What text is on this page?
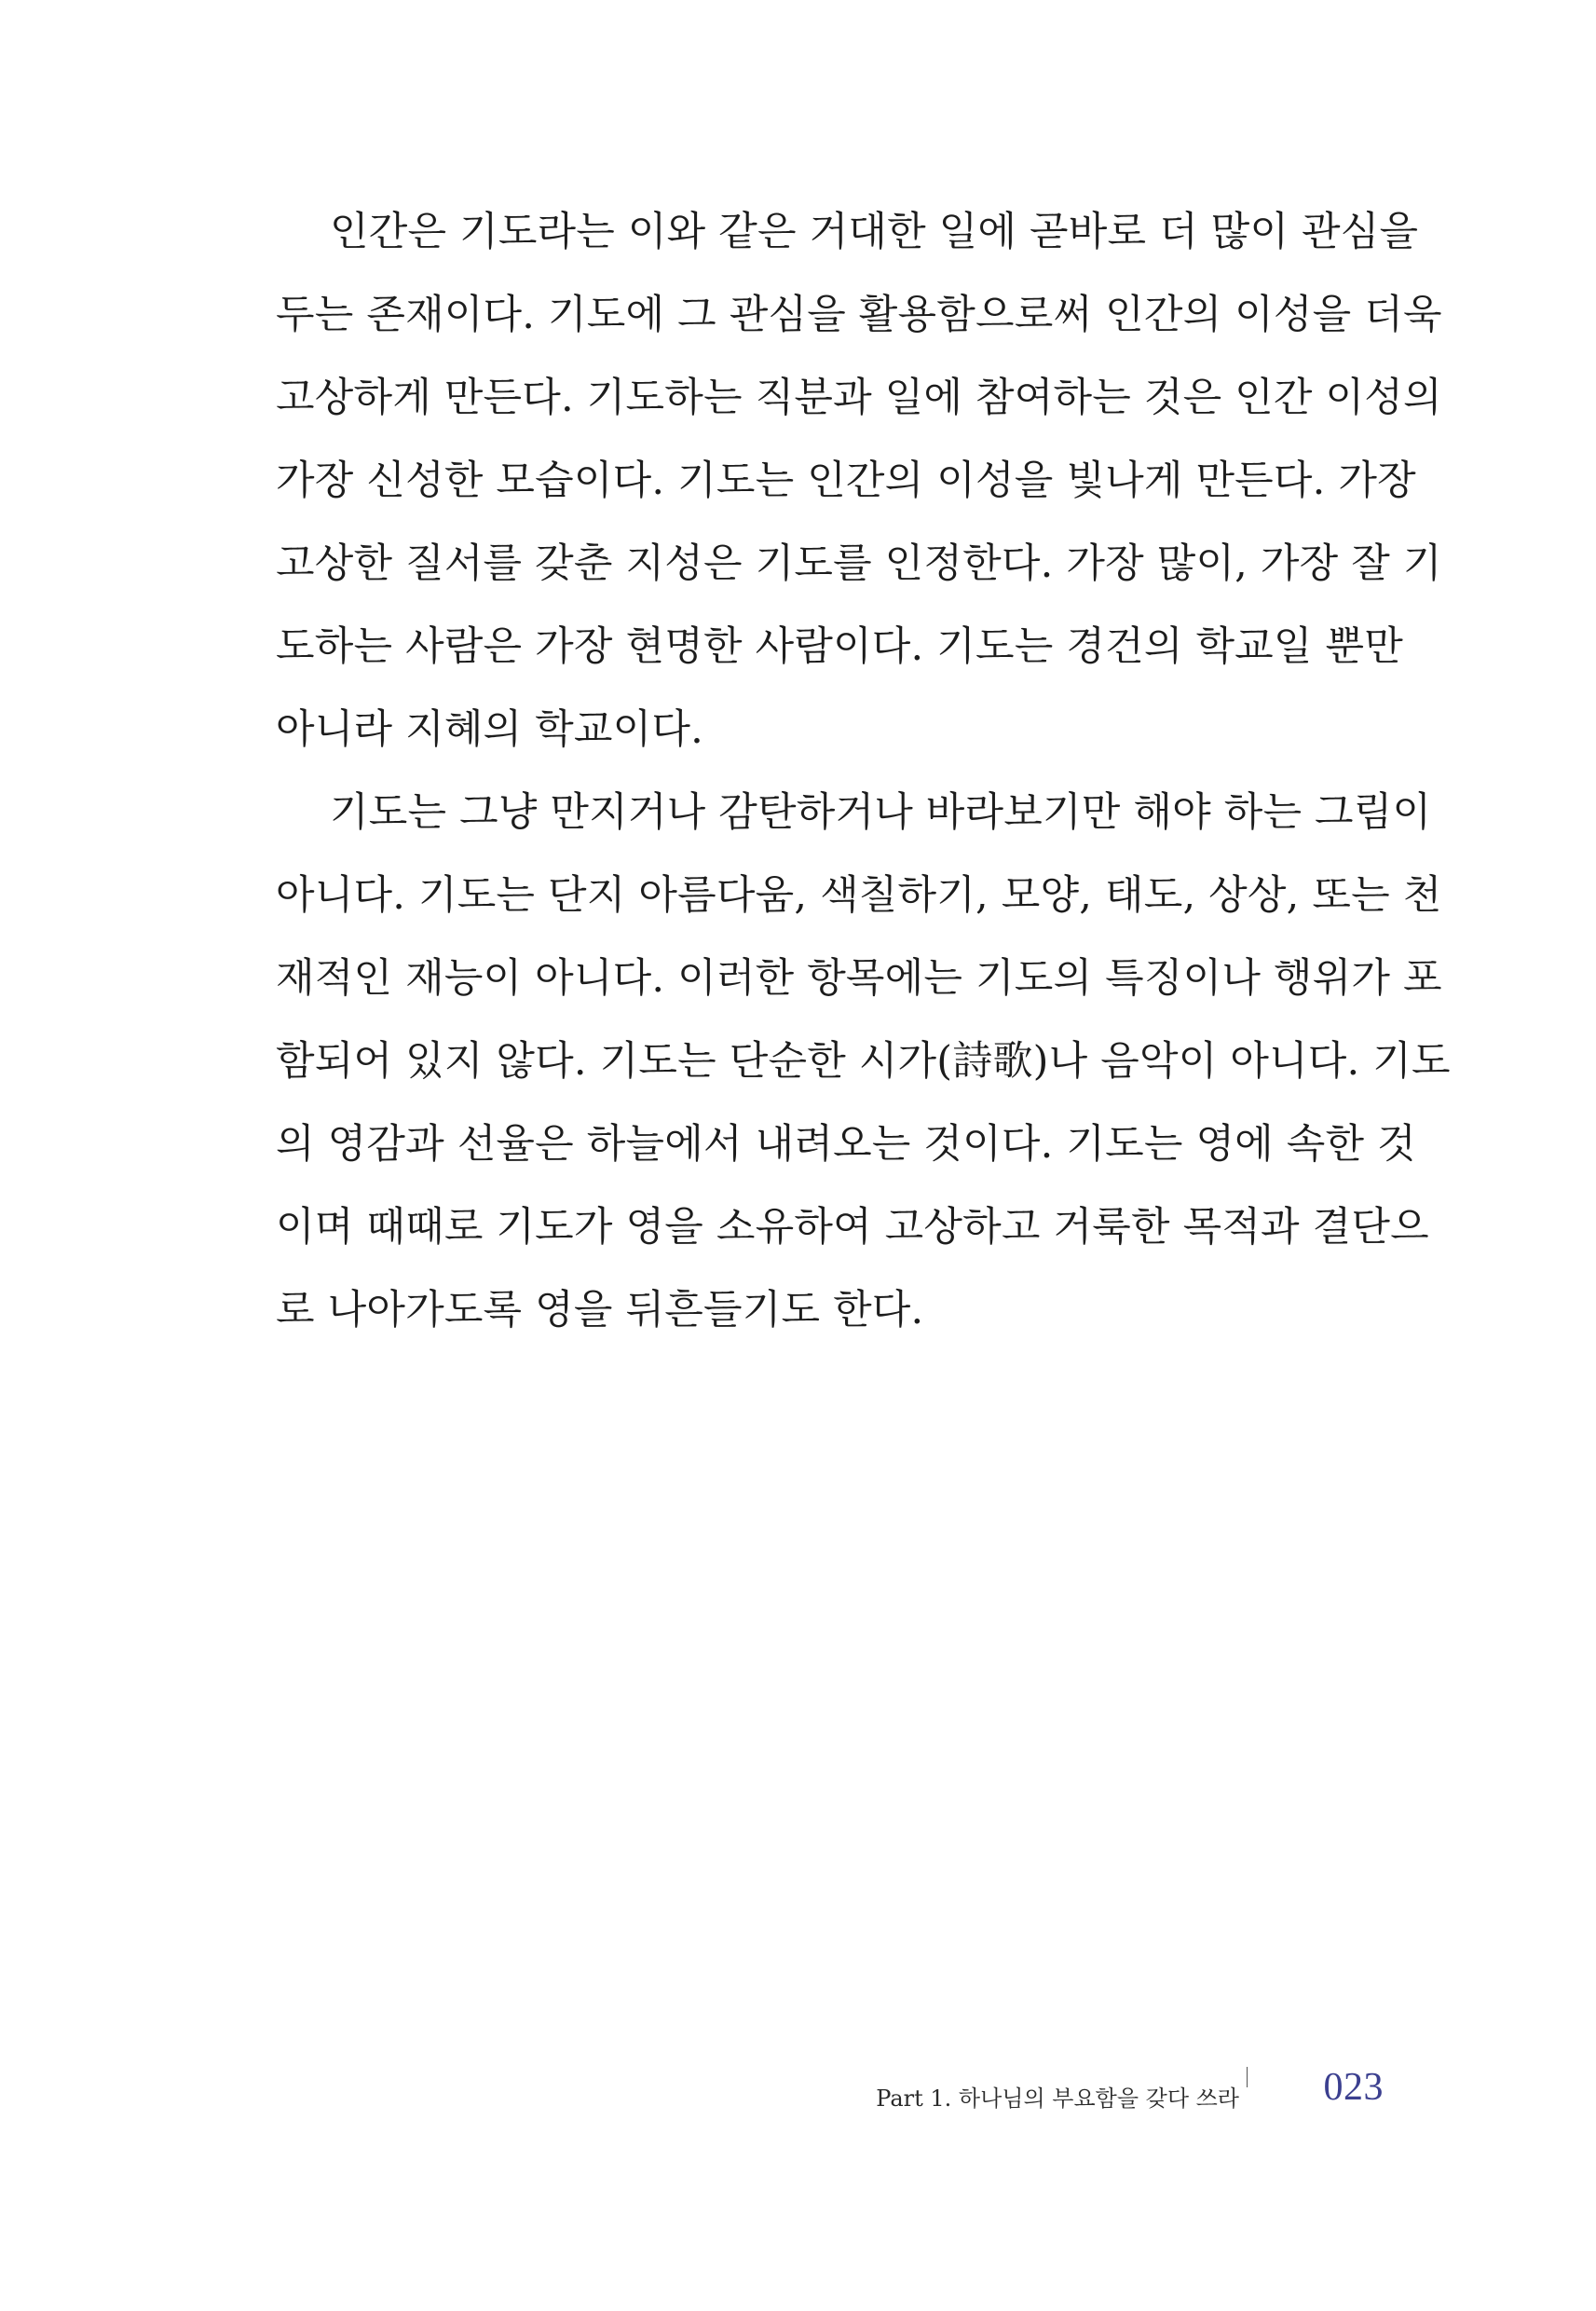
인간은 기도라는 이와 같은 거대한 일에 곧바로 더 많이 관심을
두는 존재이다. 기도에 그 관심을 활용함으로써 인간의 이성을 더욱
고상하게 만든다. 기도하는 직분과 일에 참여하는 것은 인간 이성의
가장 신성한 모습이다. 기도는 인간의 이성을 빛나게 만든다. 가장
고상한 질서를 갖춘 지성은 기도를 인정한다. 가장 많이, 가장 잘 기
도하는 사람은 가장 현명한 사람이다. 기도는 경건의 학교일 뿐만
아니라 지혜의 학교이다.
기도는 그냥 만지거나 감탄하거나 바라보기만 해야 하는 그림이
아니다. 기도는 단지 아름다움, 색칠하기, 모양, 태도, 상상, 또는 천
재적인 재능이 아니다. 이러한 항목에는 기도의 특징이나 행위가 포
함되어 있지 않다. 기도는 단순한 시가(詩歌)나 음악이 아니다. 기도
의 영감과 선율은 하늘에서 내려오는 것이다. 기도는 영에 속한 것
이며 때때로 기도가 영을 소유하여 고상하고 거룩한 목적과 결단으
로 나아가도록 영을 뒤흔들기도 한다.
Part 1. 하나님의 부요함을 갖다 쓰라 023
